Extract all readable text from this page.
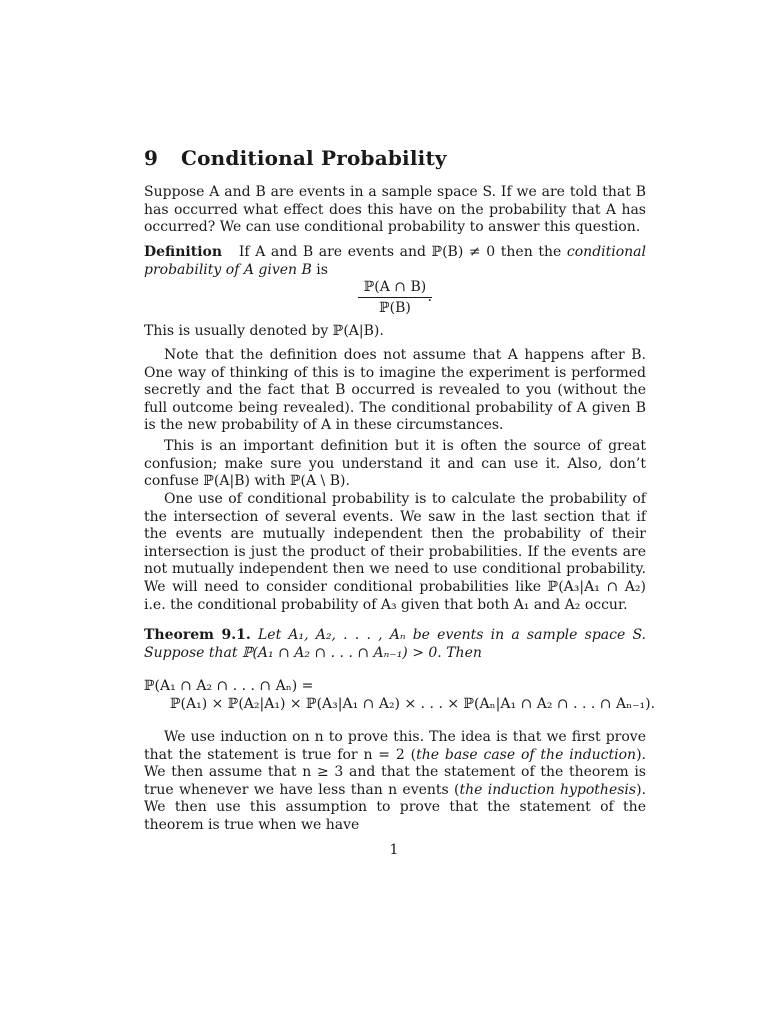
9 Conditional Probability

Suppose A and B are events in a sample space S. If we are told that B has occurred what effect does this have on the probability that A has occurred? We can use conditional probability to answer this question.

Definition If A and B are events and ℙ(B) ≠ 0 then the conditional probability of A given B is

ℙ(A ∩ B)
ℙ(B)
.

This is usually denoted by ℙ(A|B).

Note that the definition does not assume that A happens after B. One way of thinking of this is to imagine the experiment is performed secretly and the fact that B occurred is revealed to you (without the full outcome being revealed). The conditional probability of A given B is the new probability of A in these circumstances.

This is an important definition but it is often the source of great confusion; make sure you understand it and can use it. Also, don’t confuse ℙ(A|B) with ℙ(A \ B).

One use of conditional probability is to calculate the probability of the intersection of several events. We saw in the last section that if the events are mutually independent then the probability of their intersection is just the product of their probabilities. If the events are not mutually independent then we need to use conditional probability. We will need to consider conditional probabilities like ℙ(A₃|A₁ ∩ A₂) i.e. the conditional probability of A₃ given that both A₁ and A₂ occur.

Theorem 9.1. Let A₁, A₂, . . . , Aₙ be events in a sample space S. Suppose that ℙ(A₁ ∩ A₂ ∩ . . . ∩ Aₙ₋₁) > 0. Then

ℙ(A₁ ∩ A₂ ∩ . . . ∩ Aₙ) =
ℙ(A₁) × ℙ(A₂|A₁) × ℙ(A₃|A₁ ∩ A₂) × . . . × ℙ(Aₙ|A₁ ∩ A₂ ∩ . . . ∩ Aₙ₋₁).

We use induction on n to prove this. The idea is that we first prove that the statement is true for n = 2 (the base case of the induction). We then assume that n ≥ 3 and that the statement of the theorem is true whenever we have less than n events (the induction hypothesis). We then use this assumption to prove that the statement of the theorem is true when we have

1
